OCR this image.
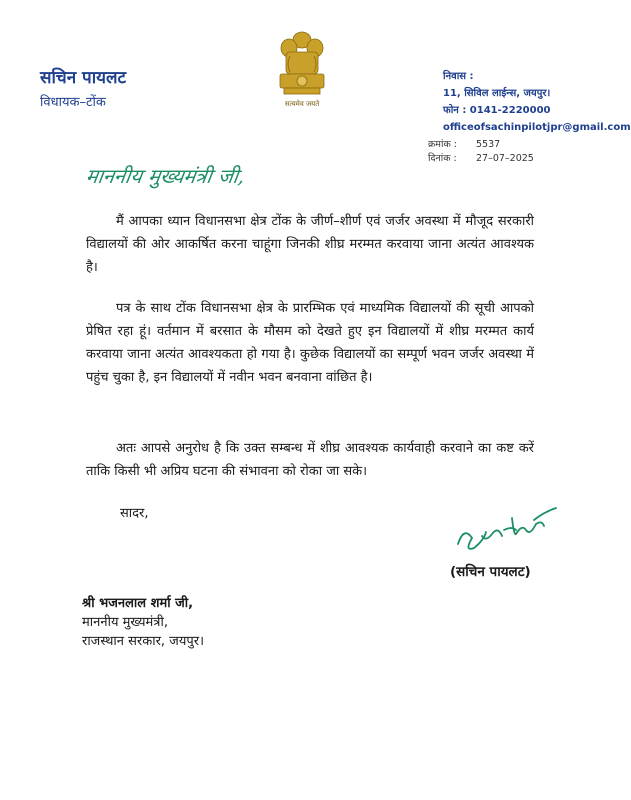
सचिन पायलट
विधायक–टोंक	सत्यमेव जयते
निवास :
11, सिविल लाईन्स, जयपुर।
फोन : 0141-2220000
officeofsachinpilotjpr@gmail.com
क्रमांक : 5537
दिनांक : 27–07–2025
माननीय मुख्यमंत्री जी,
मैं आपका ध्यान विधानसभा क्षेत्र टोंक के जीर्ण–शीर्ण एवं जर्जर अवस्था में मौजूद सरकारी विद्यालयों की ओर आकर्षित करना चाहूंगा जिनकी शीघ्र मरम्मत करवाया जाना अत्यंत आवश्यक है।
पत्र के साथ टोंक विधानसभा क्षेत्र के प्रारम्भिक एवं माध्यमिक विद्यालयों की सूची आपको प्रेषित रहा हूं। वर्तमान में बरसात के मौसम को देखते हुए इन विद्यालयों में शीघ्र मरम्मत कार्य करवाया जाना अत्यंत आवश्यकता हो गया है। कुछेक विद्यालयों का सम्पूर्ण भवन जर्जर अवस्था में पहुंच चुका है, इन विद्यालयों में नवीन भवन बनवाना वांछित है।
अतः आपसे अनुरोध है कि उक्त सम्बन्ध में शीघ्र आवश्यक कार्यवाही करवाने का कष्ट करें ताकि किसी भी अप्रिय घटना की संभावना को रोका जा सके।
सादर,
(सचिन पायलट)
श्री भजनलाल शर्मा जी,
माननीय मुख्यमंत्री,
राजस्थान सरकार, जयपुर।
